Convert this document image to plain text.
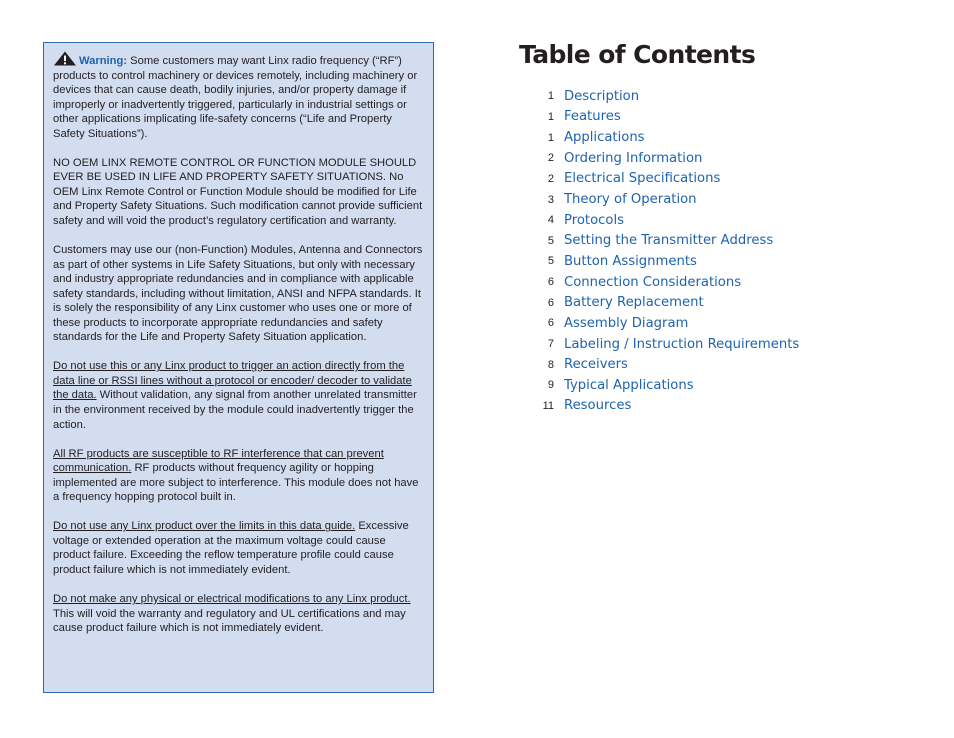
Warning: Some customers may want Linx radio frequency (“RF”) products to control machinery or devices remotely, including machinery or devices that can cause death, bodily injuries, and/or property damage if improperly or inadvertently triggered, particularly in industrial settings or other applications implicating life-safety concerns (“Life and Property Safety Situations”).

NO OEM LINX REMOTE CONTROL OR FUNCTION MODULE SHOULD EVER BE USED IN LIFE AND PROPERTY SAFETY SITUATIONS. No OEM Linx Remote Control or Function Module should be modified for Life and Property Safety Situations. Such modification cannot provide sufficient safety and will void the product’s regulatory certification and warranty.

Customers may use our (non-Function) Modules, Antenna and Connectors as part of other systems in Life Safety Situations, but only with necessary and industry appropriate redundancies and in compliance with applicable safety standards, including without limitation, ANSI and NFPA standards. It is solely the responsibility of any Linx customer who uses one or more of these products to incorporate appropriate redundancies and safety standards for the Life and Property Safety Situation application.

Do not use this or any Linx product to trigger an action directly from the data line or RSSI lines without a protocol or encoder/ decoder to validate the data. Without validation, any signal from another unrelated transmitter in the environment received by the module could inadvertently trigger the action.

All RF products are susceptible to RF interference that can prevent communication. RF products without frequency agility or hopping implemented are more subject to interference. This module does not have a frequency hopping protocol built in.

Do not use any Linx product over the limits in this data guide. Excessive voltage or extended operation at the maximum voltage could cause product failure. Exceeding the reflow temperature profile could cause product failure which is not immediately evident.

Do not make any physical or electrical modifications to any Linx product. This will void the warranty and regulatory and UL certifications and may cause product failure which is not immediately evident.

Table of Contents
1 Description
1 Features
1 Applications
2 Ordering Information
2 Electrical Specifications
3 Theory of Operation
4 Protocols
5 Setting the Transmitter Address
5 Button Assignments
6 Connection Considerations
6 Battery Replacement
6 Assembly Diagram
7 Labeling / Instruction Requirements
8 Receivers
9 Typical Applications
11 Resources
